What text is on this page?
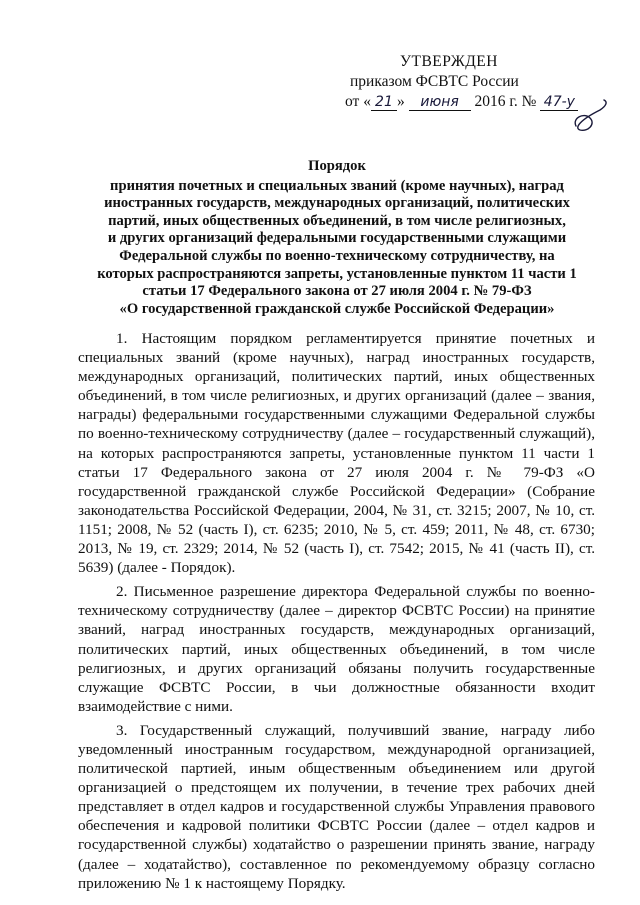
УТВЕРЖДЕН
приказом ФСВТС России
от « 21 » июня 2016 г. № 47-у
Порядок
принятия почетных и специальных званий (кроме научных), наград
иностранных государств, международных организаций, политических
партий, иных общественных объединений, в том числе религиозных,
и других организаций федеральными государственными служащими
Федеральной службы по военно-техническому сотрудничеству, на
которых распространяются запреты, установленные пунктом 11 части 1
статьи 17 Федерального закона от 27 июля 2004 г. № 79-ФЗ
«О государственной гражданской службе Российской Федерации»

1. Настоящим порядком регламентируется принятие почетных и специальных званий (кроме научных), наград иностранных государств, международных организаций, политических партий, иных общественных объединений, в том числе религиозных, и других организаций (далее – звания, награды) федеральными государственными служащими Федеральной службы по военно-техническому сотрудничеству (далее – государственный служащий), на которых распространяются запреты, установленные пунктом 11 части 1 статьи 17 Федерального закона от 27 июля 2004 г. № 79-ФЗ «О государственной гражданской службе Российской Федерации» (Собрание законодательства Российской Федерации, 2004, № 31, ст. 3215; 2007, № 10, ст. 1151; 2008, № 52 (часть I), ст. 6235; 2010, № 5, ст. 459; 2011, № 48, ст. 6730; 2013, № 19, ст. 2329; 2014, № 52 (часть I), ст. 7542; 2015, № 41 (часть II), ст. 5639) (далее - Порядок).

2. Письменное разрешение директора Федеральной службы по военно-техническому сотрудничеству (далее – директор ФСВТС России) на принятие званий, наград иностранных государств, международных организаций, политических партий, иных общественных объединений, в том числе религиозных, и других организаций обязаны получить государственные служащие ФСВТС России, в чьи должностные обязанности входит взаимодействие с ними.

3. Государственный служащий, получивший звание, награду либо уведомленный иностранным государством, международной организацией, политической партией, иным общественным объединением или другой организацией о предстоящем их получении, в течение трех рабочих дней представляет в отдел кадров и государственной службы Управления правового обеспечения и кадровой политики ФСВТС России (далее – отдел кадров и государственной службы) ходатайство о разрешении принять звание, награду (далее – ходатайство), составленное по рекомендуемому образцу согласно приложению № 1 к настоящему Порядку.
